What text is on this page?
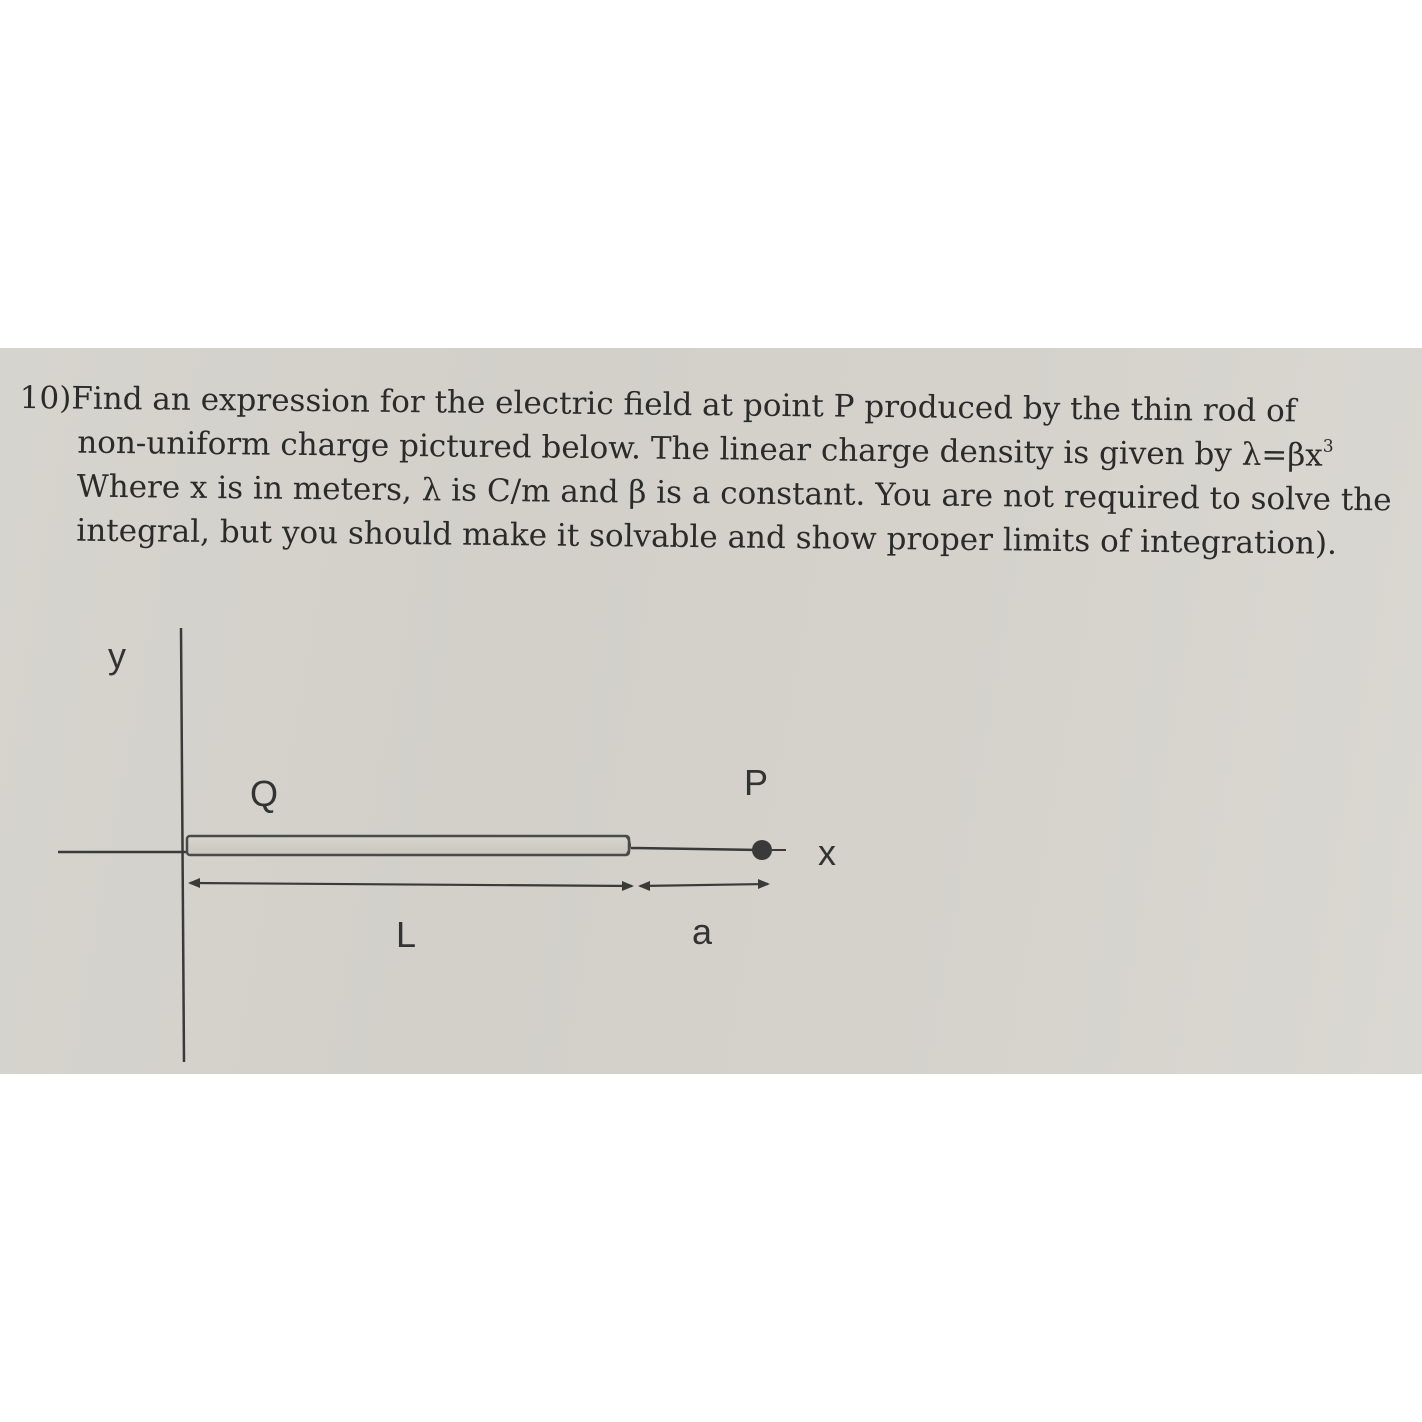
10)Find an expression for the electric field at point P produced by the thin rod of
non-uniform charge pictured below. The linear charge density is given by $\lambda=\beta x^3$
Where x is in meters, λ is C/m and β is a constant. You are not required to solve the
integral, but you should make it solvable and show proper limits of integration).
y
x
Q	P
L	a
